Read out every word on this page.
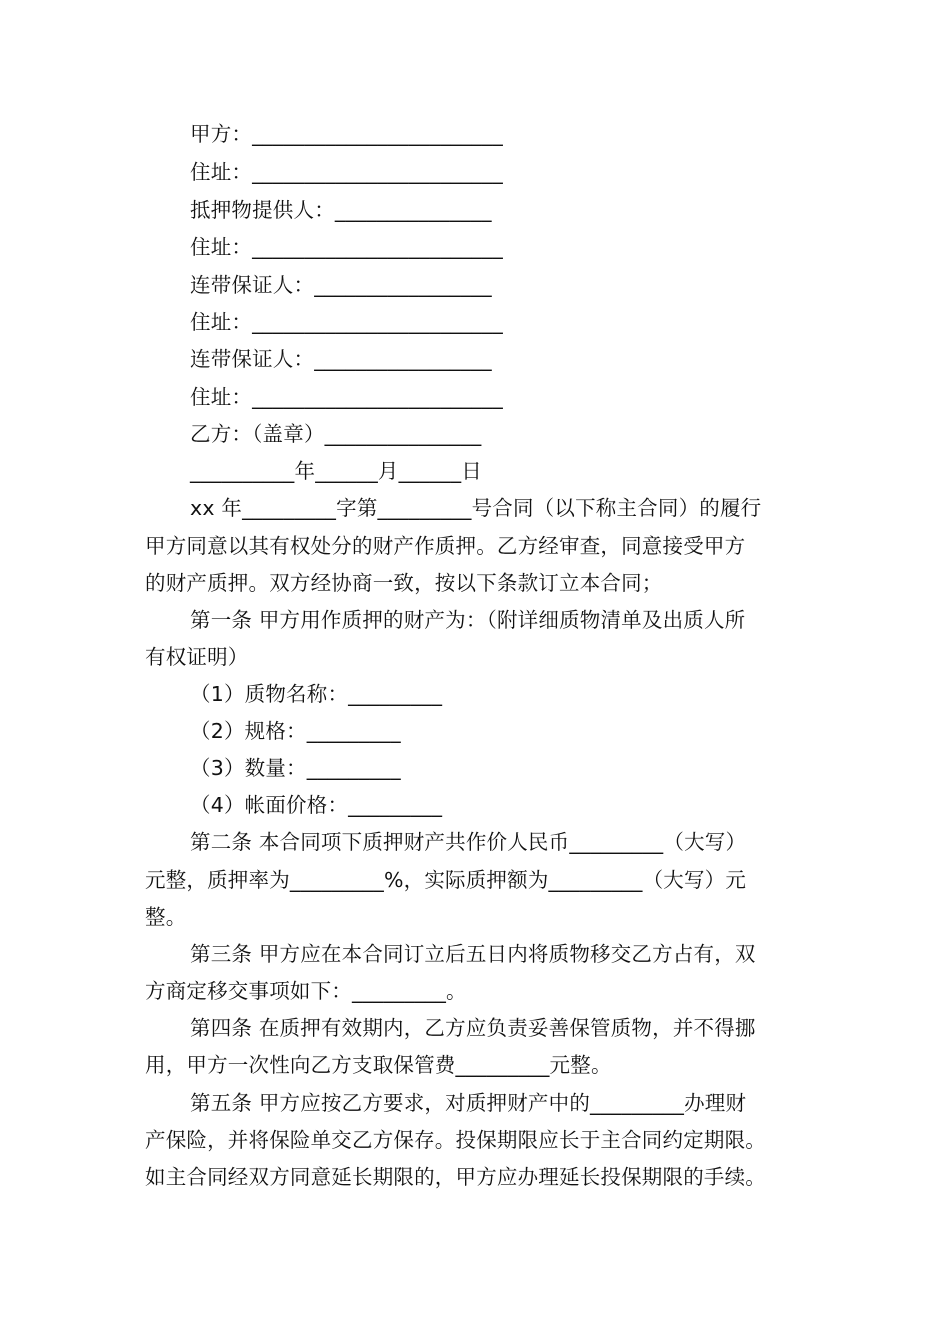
甲方：________________________
住址：________________________
抵押物提供人：_______________
住址：________________________
连带保证人：_________________
住址：________________________
连带保证人：_________________
住址：________________________
乙方：（盖章）_______________
__________年______月______日
xx 年_________字第_________号合同（以下称主合同）的履行
甲方同意以其有权处分的财产作质押。乙方经审查，同意接受甲方
的财产质押。双方经协商一致，按以下条款订立本合同；
第一条 甲方用作质押的财产为：（附详细质物清单及出质人所
有权证明）
（1）质物名称：_________
（2）规格：_________
（3）数量：_________
（4）帐面价格：_________
第二条 本合同项下质押财产共作价人民币_________（大写）
元整，质押率为_________%，实际质押额为_________（大写）元
整。
第三条 甲方应在本合同订立后五日内将质物移交乙方占有，双
方商定移交事项如下：_________。
第四条 在质押有效期内，乙方应负责妥善保管质物，并不得挪
用，甲方一次性向乙方支取保管费_________元整。
第五条 甲方应按乙方要求，对质押财产中的_________办理财
产保险，并将保险单交乙方保存。投保期限应长于主合同约定期限。
如主合同经双方同意延长期限的，甲方应办理延长投保期限的手续。
